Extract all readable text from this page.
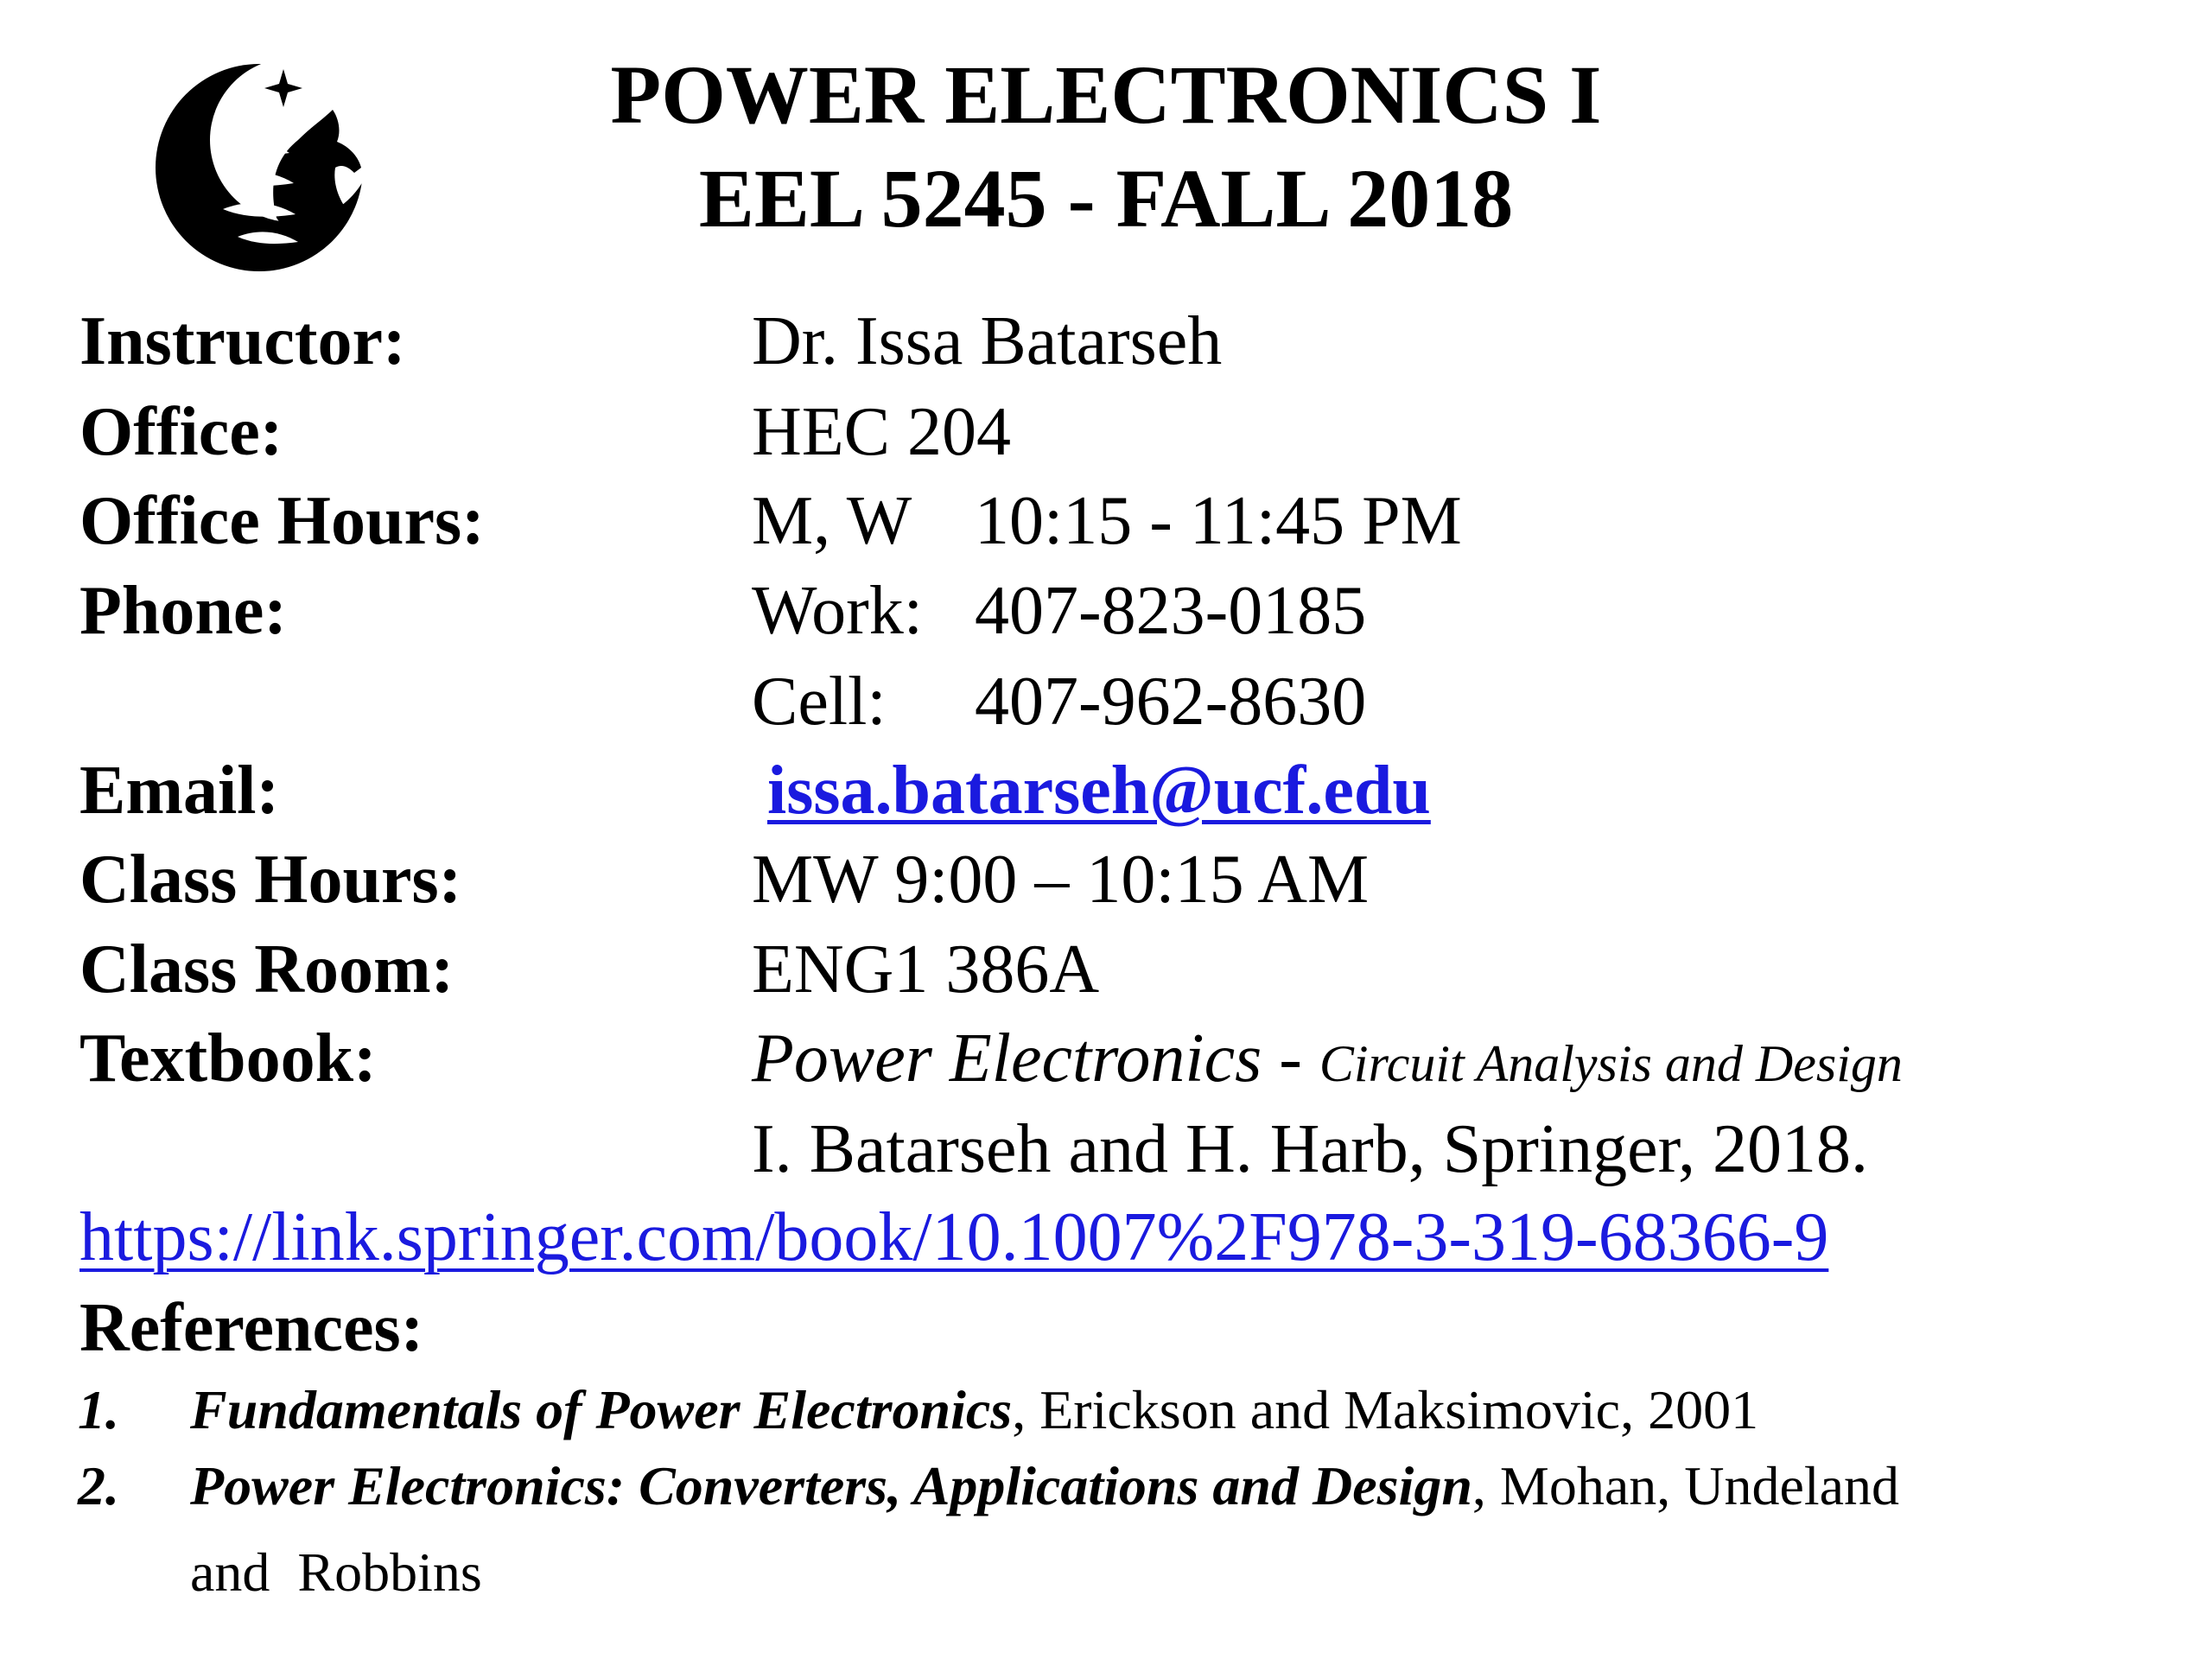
POWER ELECTRONICS I
EEL 5245 - FALL 2018
Instructor:	Dr. Issa Batarseh
Office:	HEC 204
Office Hours:	M, W 10:15 - 11:45 PM
Phone:	Work: 407-823-0185
Cell: 407-962-8630
Email:	issa.batarseh@ucf.edu
Class Hours:	MW 9:00 – 10:15 AM
Class Room:	ENG1 386A
Textbook:	Power Electronics - Circuit Analysis and Design
I. Batarseh and H. Harb, Springer, 2018.
https://link.springer.com/book/10.1007%2F978-3-319-68366-9
References:
1. Fundamentals of Power Electronics, Erickson and Maksimovic, 2001
2. Power Electronics: Converters, Applications and Design, Mohan, Undeland
and  Robbins
